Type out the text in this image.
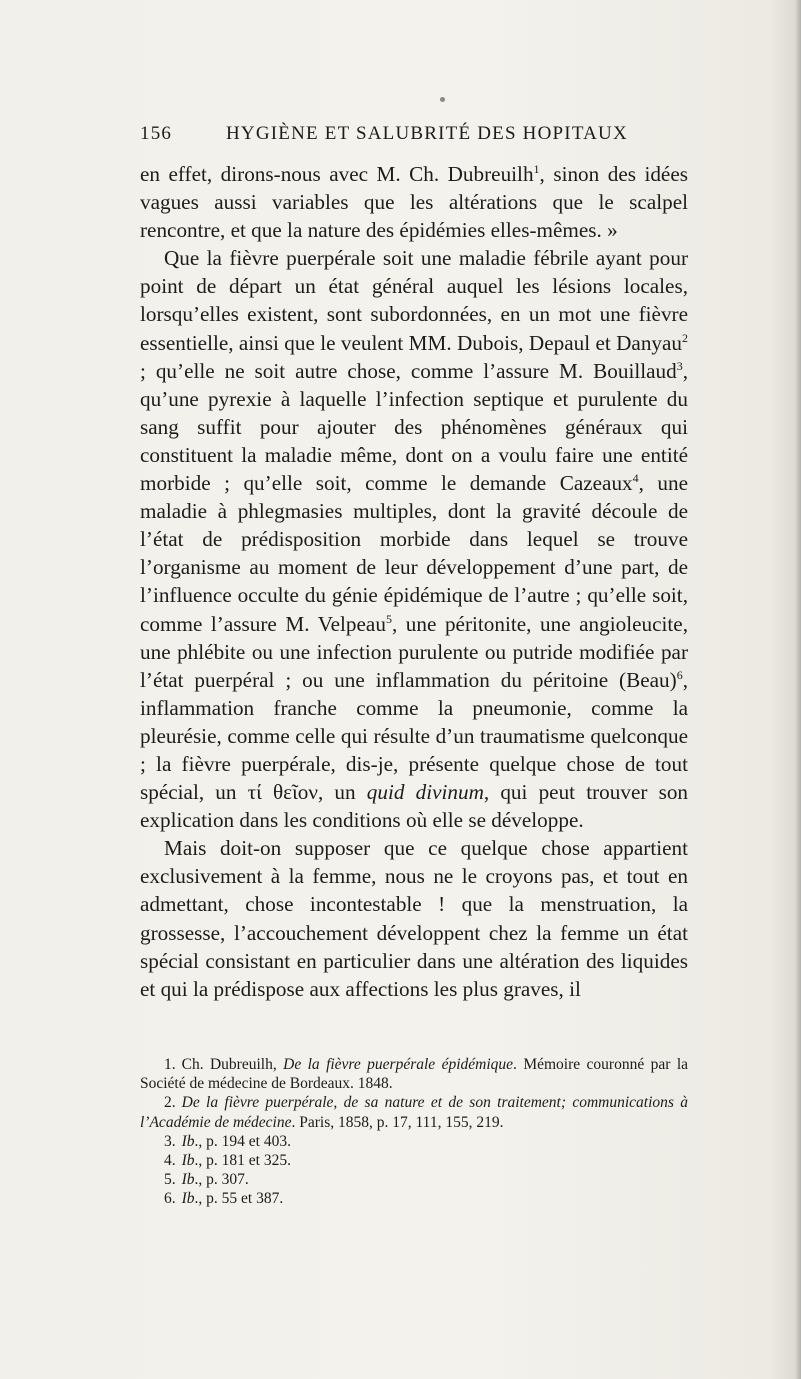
156	HYGIÈNE ET SALUBRITÉ DES HOPITAUX

en effet, dirons-nous avec M. Ch. Dubreuilh$^1$, sinon des idées vagues aussi variables que les altérations que le scalpel rencontre, et que la nature des épidémies elles-mêmes. »

Que la fièvre puerpérale soit une maladie fébrile ayant pour point de départ un état général auquel les lésions locales, lorsqu’elles existent, sont subordonnées, en un mot une fièvre essentielle, ainsi que le veulent MM. Dubois, Depaul et Danyau$^2$ ; qu’elle ne soit autre chose, comme l’assure M. Bouillaud$^3$, qu’une pyrexie à laquelle l’infection septique et purulente du sang suffit pour ajouter des phénomènes généraux qui constituent la maladie même, dont on a voulu faire une entité morbide ; qu’elle soit, comme le demande Cazeaux$^4$, une maladie à phlegmasies multiples, dont la gravité découle de l’état de prédisposition morbide dans lequel se trouve l’organisme au moment de leur développement d’une part, de l’influence occulte du génie épidémique de l’autre ; qu’elle soit, comme l’assure M. Velpeau$^5$, une péritonite, une angioleucite, une phlébite ou une infection purulente ou putride modifiée par l’état puerpéral ; ou une inflammation du péritoine (Beau)$^6$, inflammation franche comme la pneumonie, comme la pleurésie, comme celle qui résulte d’un traumatisme quelconque ; la fièvre puerpérale, dis-je, présente quelque chose de tout spécial, un τί θεῖον, un quid divinum, qui peut trouver son explication dans les conditions où elle se développe.

Mais doit-on supposer que ce quelque chose appartient exclusivement à la femme, nous ne le croyons pas, et tout en admettant, chose incontestable ! que la menstruation, la grossesse, l’accouchement développent chez la femme un état spécial consistant en particulier dans une altération des liquides et qui la prédispose aux affections les plus graves, il

1. Ch. Dubreuilh, De la fièvre puerpérale épidémique. Mémoire couronné par la Société de médecine de Bordeaux. 1848.

2. De la fièvre puerpérale, de sa nature et de son traitement; communications à l’Académie de médecine. Paris, 1858, p. 17, 111, 155, 219.

3. Ib., p. 194 et 403.

4. Ib., p. 181 et 325.

5. Ib., p. 307.

6. Ib., p. 55 et 387.
